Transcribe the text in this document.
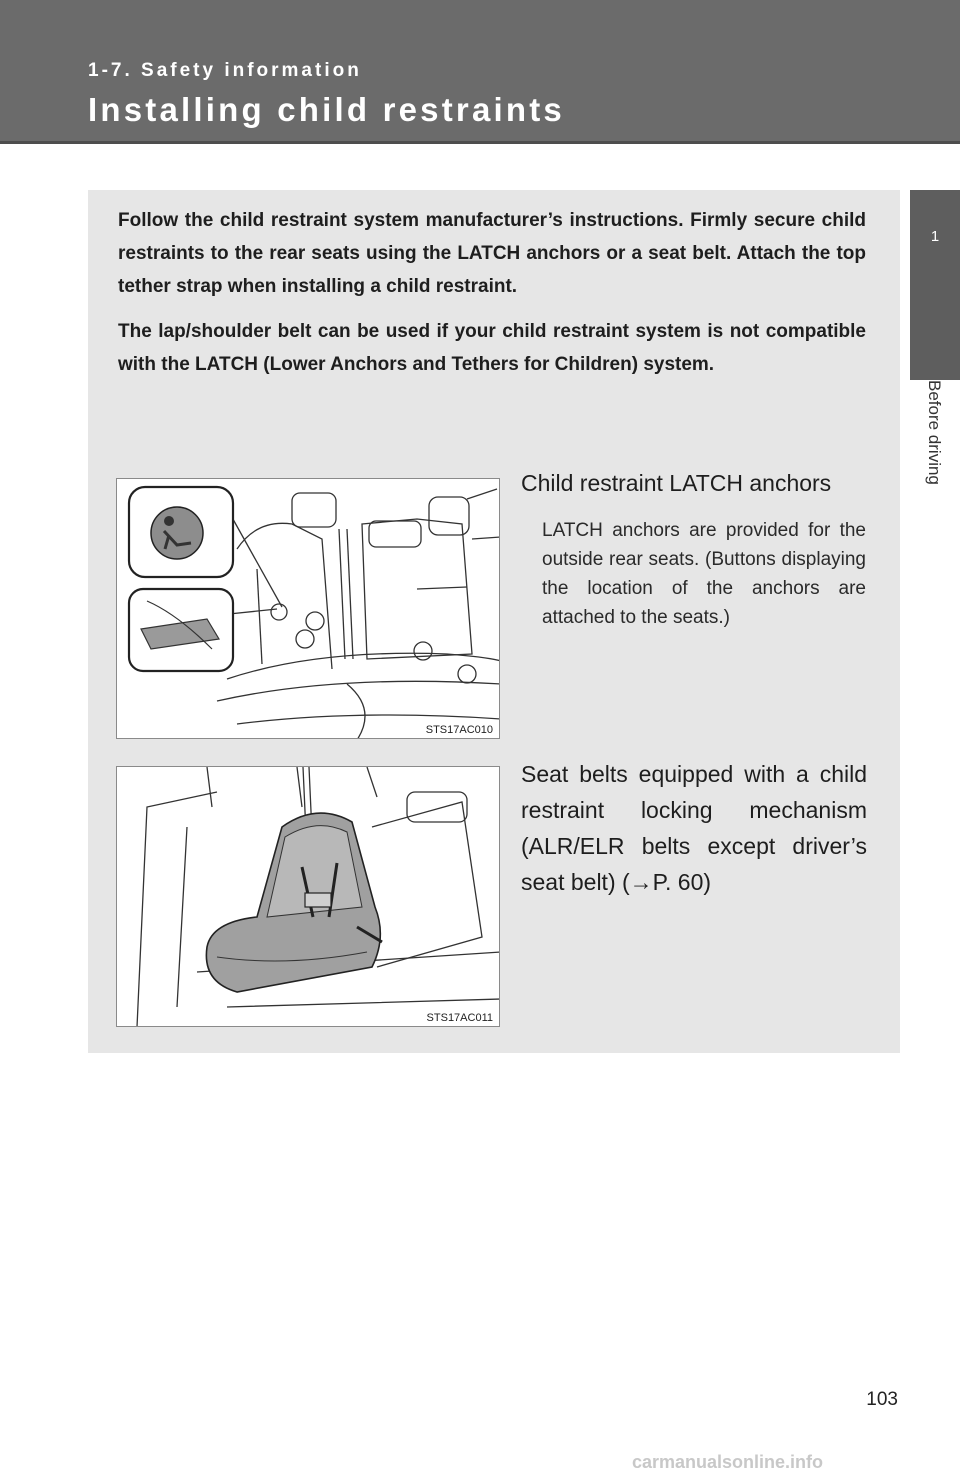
1-7. Safety information
Installing child restraints
1
Before driving

Follow the child restraint system manufacturer’s instructions. Firmly secure child restraints to the rear seats using the LATCH anchors or a seat belt. Attach the top tether strap when installing a child restraint.

The lap/shoulder belt can be used if your child restraint system is not compatible with the LATCH (Lower Anchors and Tethers for Children) system.

STS17AC010
Child restraint LATCH anchors
LATCH anchors are provided for the outside rear seats. (Buttons displaying the location of the anchors are attached to the seats.)
STS17AC011
Seat belts equipped with a child restraint locking mechanism (ALR/ELR belts except driver’s seat belt) (→P. 60)
103
carmanualsonline.info
